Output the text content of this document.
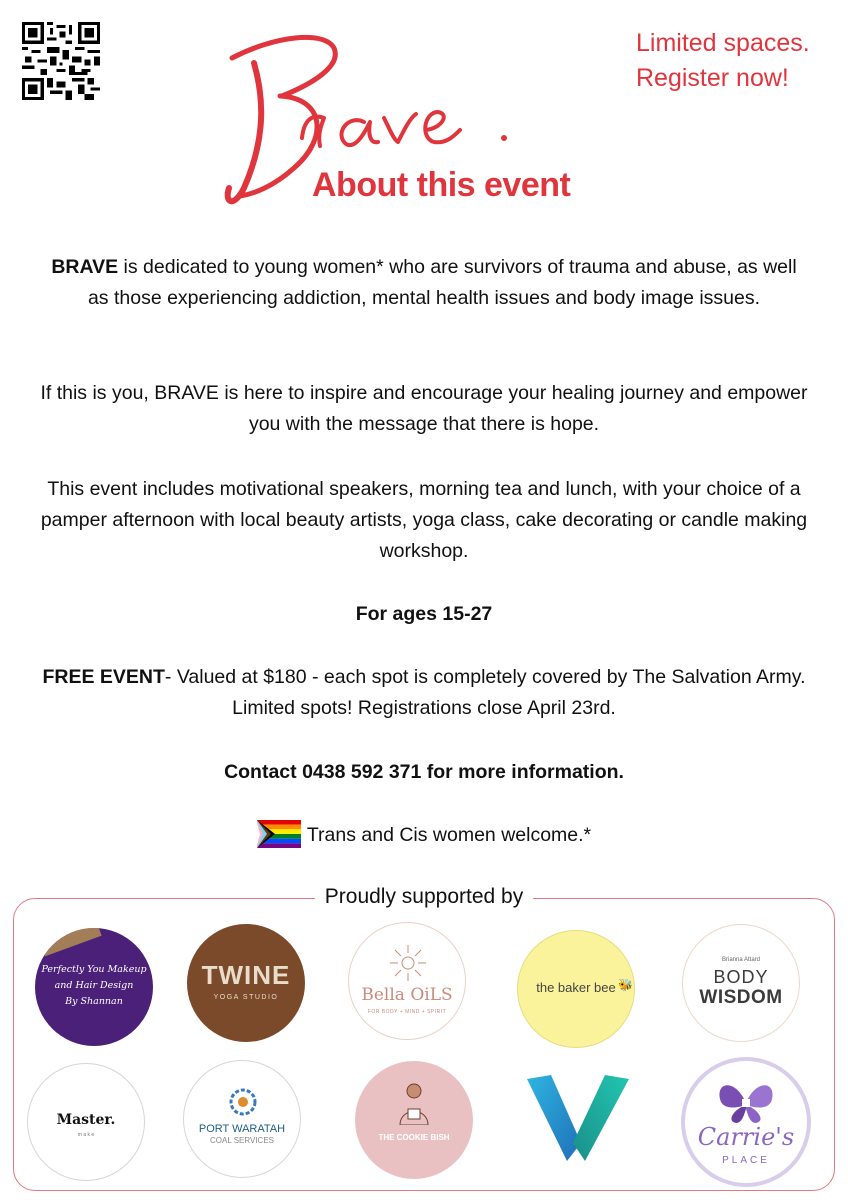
Limited spaces.
Register now!
About this event
BRAVE is dedicated to young women* who are survivors of trauma and abuse, as well as those experiencing addiction, mental health issues and body image issues.
If this is you, BRAVE is here to inspire and encourage your healing journey and empower you with the message that there is hope.
This event includes motivational speakers, morning tea and lunch, with your choice of a pamper afternoon with local beauty artists, yoga class, cake decorating or candle making workshop.
For ages 15-27
FREE EVENT- Valued at $180 - each spot is completely covered by The Salvation Army. Limited spots! Registrations close April 23rd.
Contact 0438 592 371 for more information.
Trans and Cis women welcome.*
Proudly supported by
Perfectly You Makeup
and Hair Design
By Shannan
TWINE
YOGA STUDIO	Bella OiLS
FOR BODY + MIND + SPIRIT
the baker bee 🐝
Brianna Attard
BODY
WISDOM
Master.
m a k e	PORT WARATAH
COAL SERVICES	THE COOKIE BISH	Carrie's
PLACE
